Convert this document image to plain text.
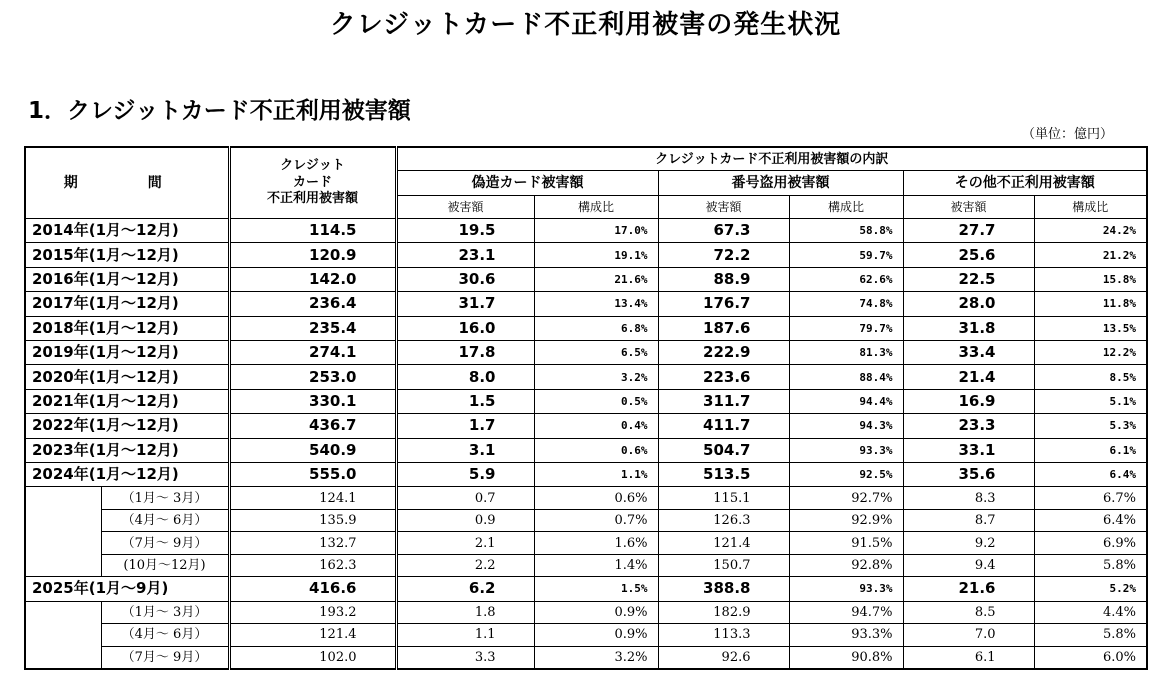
クレジットカード不正利用被害の発生状況
1．クレジットカード不正利用被害額
（単位：億円）
期　間		クレジット
カード
不正利用被害額	クレジットカード不正利用被害額の内訳					
			偽造カード被害額		番号盗用被害額		その他不正利用被害額	
			被害額	構成比	被害額	構成比	被害額	構成比
2014年(1月～12月)		114.5	19.5	17.0%	67.3	58.8%	27.7	24.2%
2015年(1月～12月)		120.9	23.1	19.1%	72.2	59.7%	25.6	21.2%
2016年(1月～12月)		142.0	30.6	21.6%	88.9	62.6%	22.5	15.8%
2017年(1月～12月)		236.4	31.7	13.4%	176.7	74.8%	28.0	11.8%
2018年(1月～12月)		235.4	16.0	6.8%	187.6	79.7%	31.8	13.5%
2019年(1月～12月)		274.1	17.8	6.5%	222.9	81.3%	33.4	12.2%
2020年(1月～12月)		253.0	8.0	3.2%	223.6	88.4%	21.4	8.5%
2021年(1月～12月)		330.1	1.5	0.5%	311.7	94.4%	16.9	5.1%
2022年(1月～12月)		436.7	1.7	0.4%	411.7	94.3%	23.3	5.3%
2023年(1月～12月)		540.9	3.1	0.6%	504.7	93.3%	33.1	6.1%
2024年(1月～12月)		555.0	5.9	1.1%	513.5	92.5%	35.6	6.4%
	（1月～ 3月）	124.1	0.7	0.6%	115.1	92.7%	8.3	6.7%
	（4月～ 6月）	135.9	0.9	0.7%	126.3	92.9%	8.7	6.4%
	（7月～ 9月）	132.7	2.1	1.6%	121.4	91.5%	9.2	6.9%
	(10月～12月)	162.3	2.2	1.4%	150.7	92.8%	9.4	5.8%
2025年(1月～9月)		416.6	6.2	1.5%	388.8	93.3%	21.6	5.2%
	（1月～ 3月）	193.2	1.8	0.9%	182.9	94.7%	8.5	4.4%
	（4月～ 6月）	121.4	1.1	0.9%	113.3	93.3%	7.0	5.8%
	（7月～ 9月）	102.0	3.3	3.2%	92.6	90.8%	6.1	6.0%
